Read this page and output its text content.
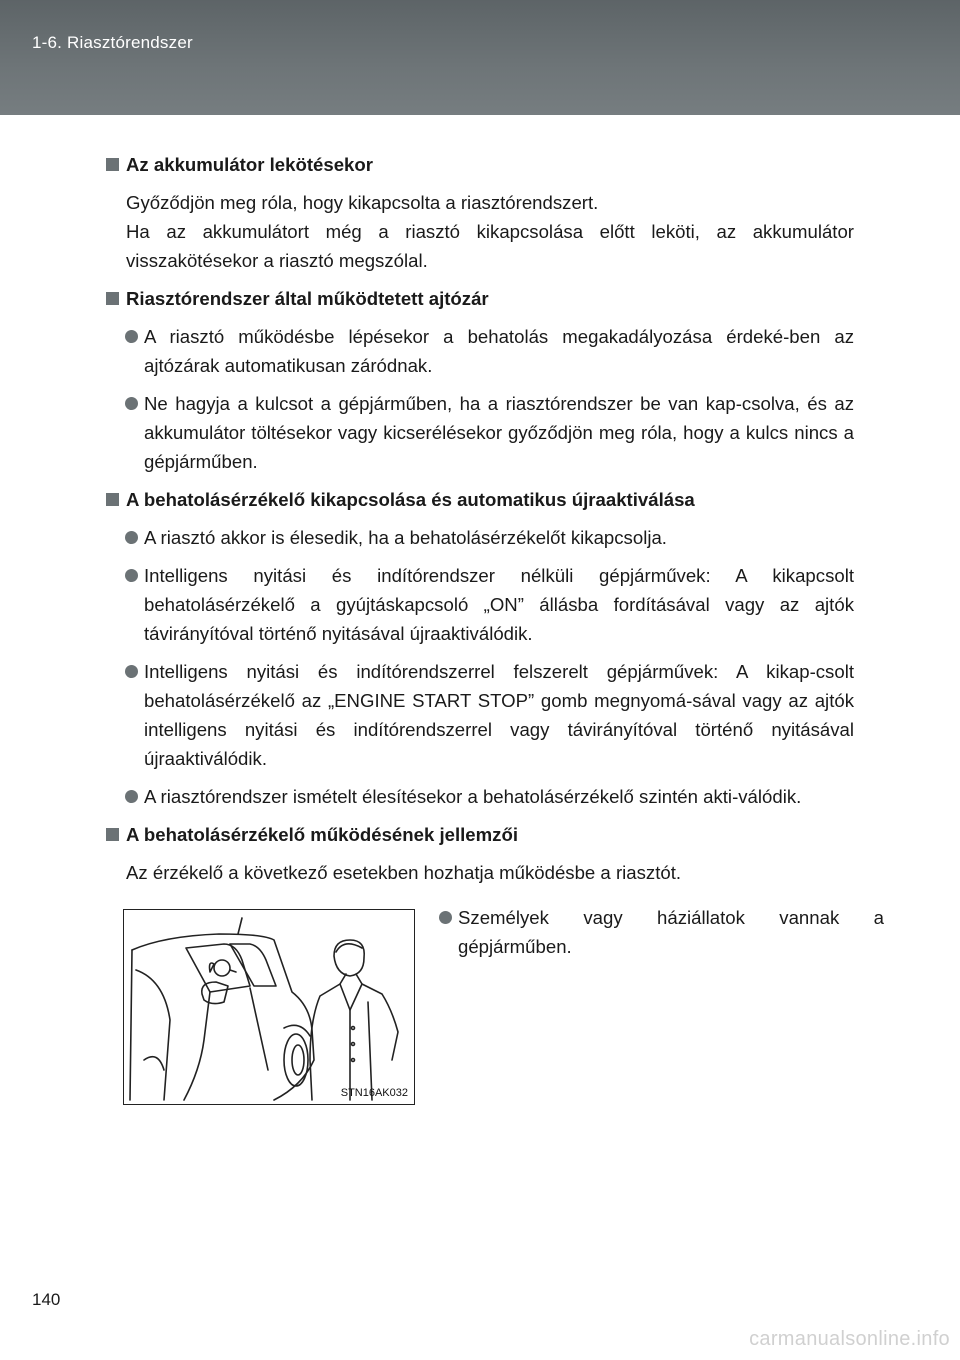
1-6. Riasztórendszer
Az akkumulátor lekötésekor
Győződjön meg róla, hogy kikapcsolta a riasztórendszert.
Ha az akkumulátort még a riasztó kikapcsolása előtt leköti, az akkumulátor visszakötésekor a riasztó megszólal.
Riasztórendszer által működtetett ajtózár
A riasztó működésbe lépésekor a behatolás megakadályozása érdeké-ben az ajtózárak automatikusan záródnak.
Ne hagyja a kulcsot a gépjárműben, ha a riasztórendszer be van kap-csolva, és az akkumulátor töltésekor vagy kicserélésekor győződjön meg róla, hogy a kulcs nincs a gépjárműben.
A behatolásérzékelő kikapcsolása és automatikus újraaktiválása
A riasztó akkor is élesedik, ha a behatolásérzékelőt kikapcsolja.
Intelligens nyitási és indítórendszer nélküli gépjárművek: A kikapcsolt behatolásérzékelő a gyújtáskapcsoló „ON” állásba fordításával vagy az ajtók távirányítóval történő nyitásával újraaktiválódik.
Intelligens nyitási és indítórendszerrel felszerelt gépjárművek: A kikap-csolt behatolásérzékelő az „ENGINE START STOP” gomb megnyomá-sával vagy az ajtók intelligens nyitási és indítórendszerrel vagy távirányítóval történő nyitásával újraaktiválódik.
A riasztórendszer ismételt élesítésekor a behatolásérzékelő szintén akti-válódik.
A behatolásérzékelő működésének jellemzői
Az érzékelő a következő esetekben hozhatja működésbe a riasztót.
STN16AK032
Személyek vagy háziállatok vannak a gépjárműben.
140
carmanualsonline.info
